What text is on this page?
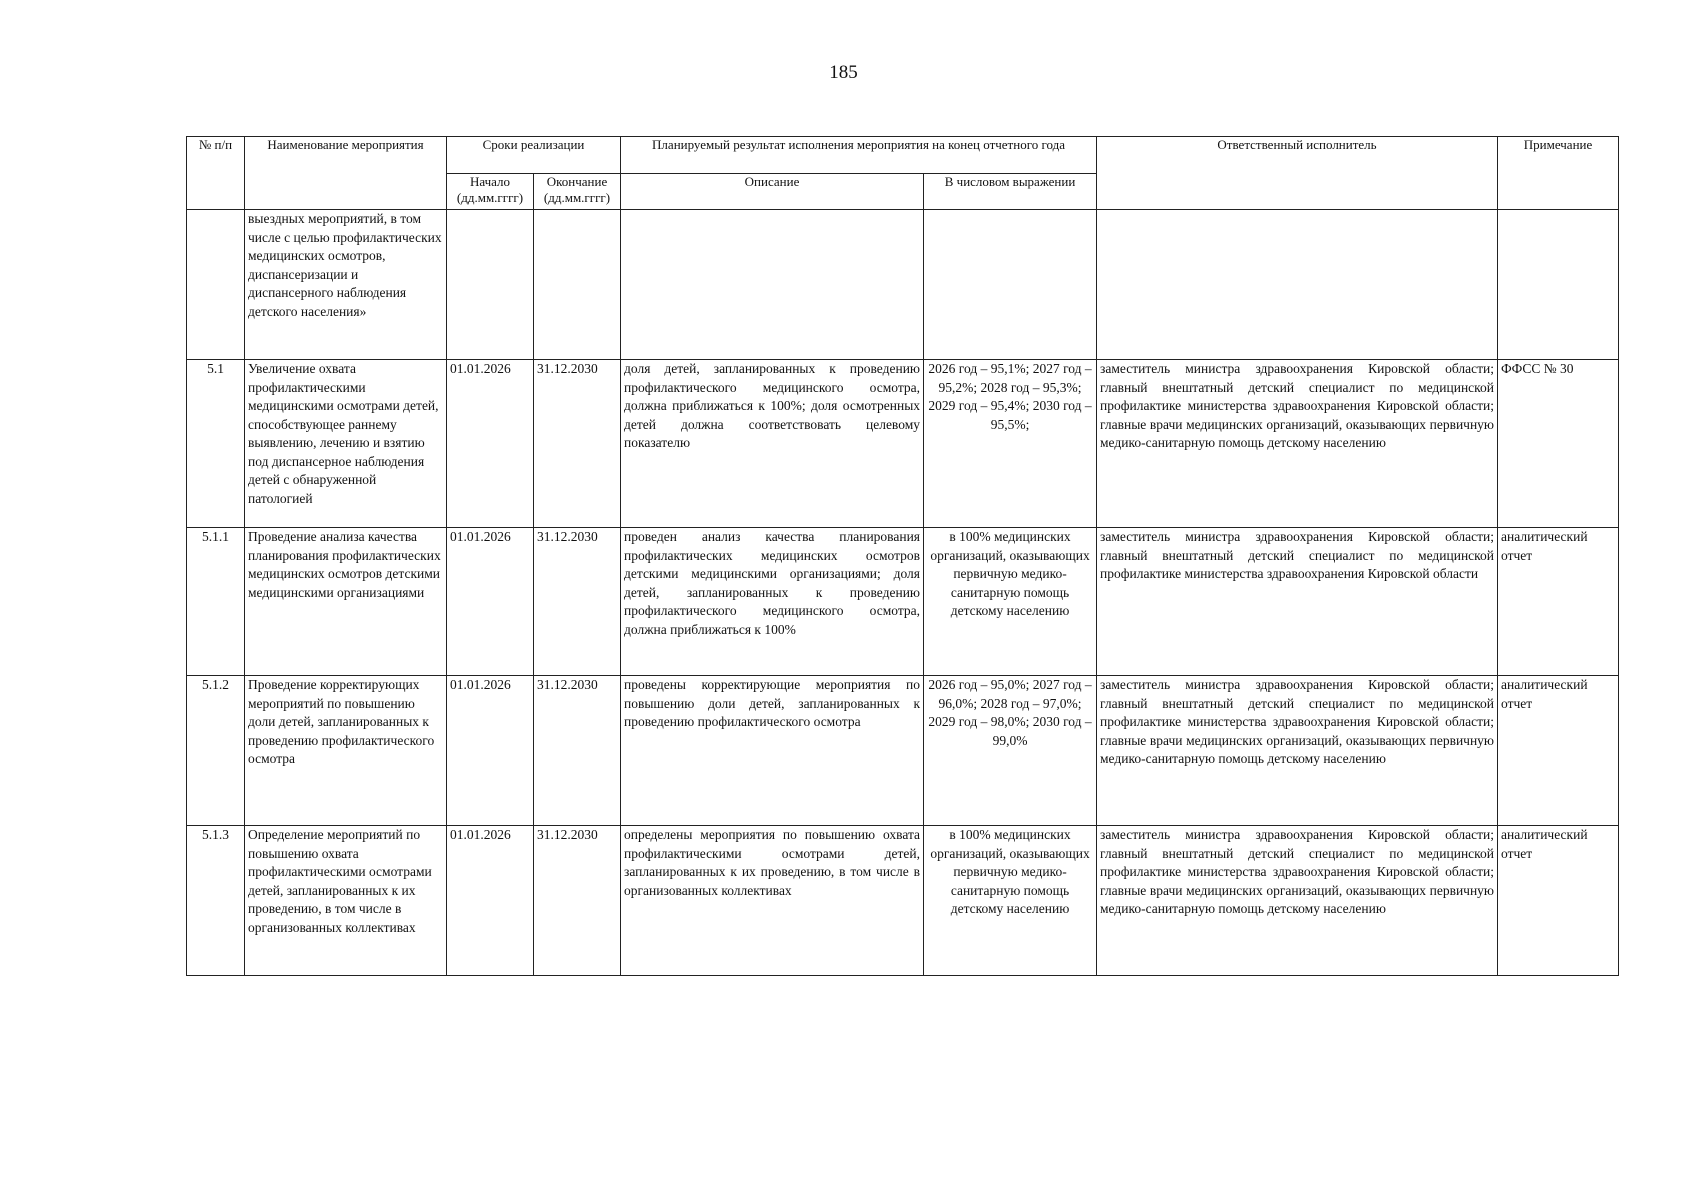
185
№ п/п	Наименование мероприятия	Сроки реализации		Планируемый результат исполнения мероприятия на конец отчетного года		Ответственный исполнитель	Примечание
		Начало (дд.мм.гггг)	Окончание (дд.мм.гггг)	Описание	В числовом выражении		
	выездных мероприятий, в том числе с целью профилактических медицинских осмотров, диспансеризации и диспансерного наблюдения детского населения»						
5.1	Увеличение охвата профилактическими медицинскими осмотрами детей, способствующее раннему выявлению, лечению и взятию под диспансерное наблюдения детей с обнаруженной патологией	01.01.2026	31.12.2030	доля детей, запланированных к проведению профилактического медицинского осмотра, должна приближаться к 100%; доля осмотренных детей должна соответствовать целевому показателю	2026 год – 95,1%; 2027 год – 95,2%; 2028 год – 95,3%; 2029 год – 95,4%; 2030 год – 95,5%;	заместитель министра здравоохранения Кировской области; главный внештатный детский специалист по медицинской профилактике министерства здравоохранения Кировской области; главные врачи медицинских организаций, оказывающих первичную медико-санитарную помощь детскому населению	ФФСС № 30
5.1.1	Проведение анализа качества планирования профилактических медицинских осмотров детскими медицинскими организациями	01.01.2026	31.12.2030	проведен анализ качества планирования профилактических медицинских осмотров детскими медицинскими организациями; доля детей, запланированных к проведению профилактического медицинского осмотра, должна приближаться к 100%	в 100% медицинских организаций, оказывающих первичную медико-санитарную помощь детскому населению	заместитель министра здравоохранения Кировской области; главный внештатный детский специалист по медицинской профилактике министерства здравоохранения Кировской области	аналитический отчет
5.1.2	Проведение корректирующих мероприятий по повышению доли детей, запланированных к проведению профилактического осмотра	01.01.2026	31.12.2030	проведены корректирующие мероприятия по повышению доли детей, запланированных к проведению профилактического осмотра	2026 год – 95,0%; 2027 год – 96,0%; 2028 год – 97,0%; 2029 год – 98,0%; 2030 год – 99,0%	заместитель министра здравоохранения Кировской области; главный внештатный детский специалист по медицинской профилактике министерства здравоохранения Кировской области; главные врачи медицинских организаций, оказывающих первичную медико-санитарную помощь детскому населению	аналитический отчет
5.1.3	Определение мероприятий по повышению охвата профилактическими осмотрами детей, запланированных к их проведению, в том числе в организованных коллективах	01.01.2026	31.12.2030	определены мероприятия по повышению охвата профилактическими осмотрами детей, запланированных к их проведению, в том числе в организованных коллективах	в 100% медицинских организаций, оказывающих первичную медико-санитарную помощь детскому населению	заместитель министра здравоохранения Кировской области; главный внештатный детский специалист по медицинской профилактике министерства здравоохранения Кировской области; главные врачи медицинских организаций, оказывающих первичную медико-санитарную помощь детскому населению	аналитический отчет
